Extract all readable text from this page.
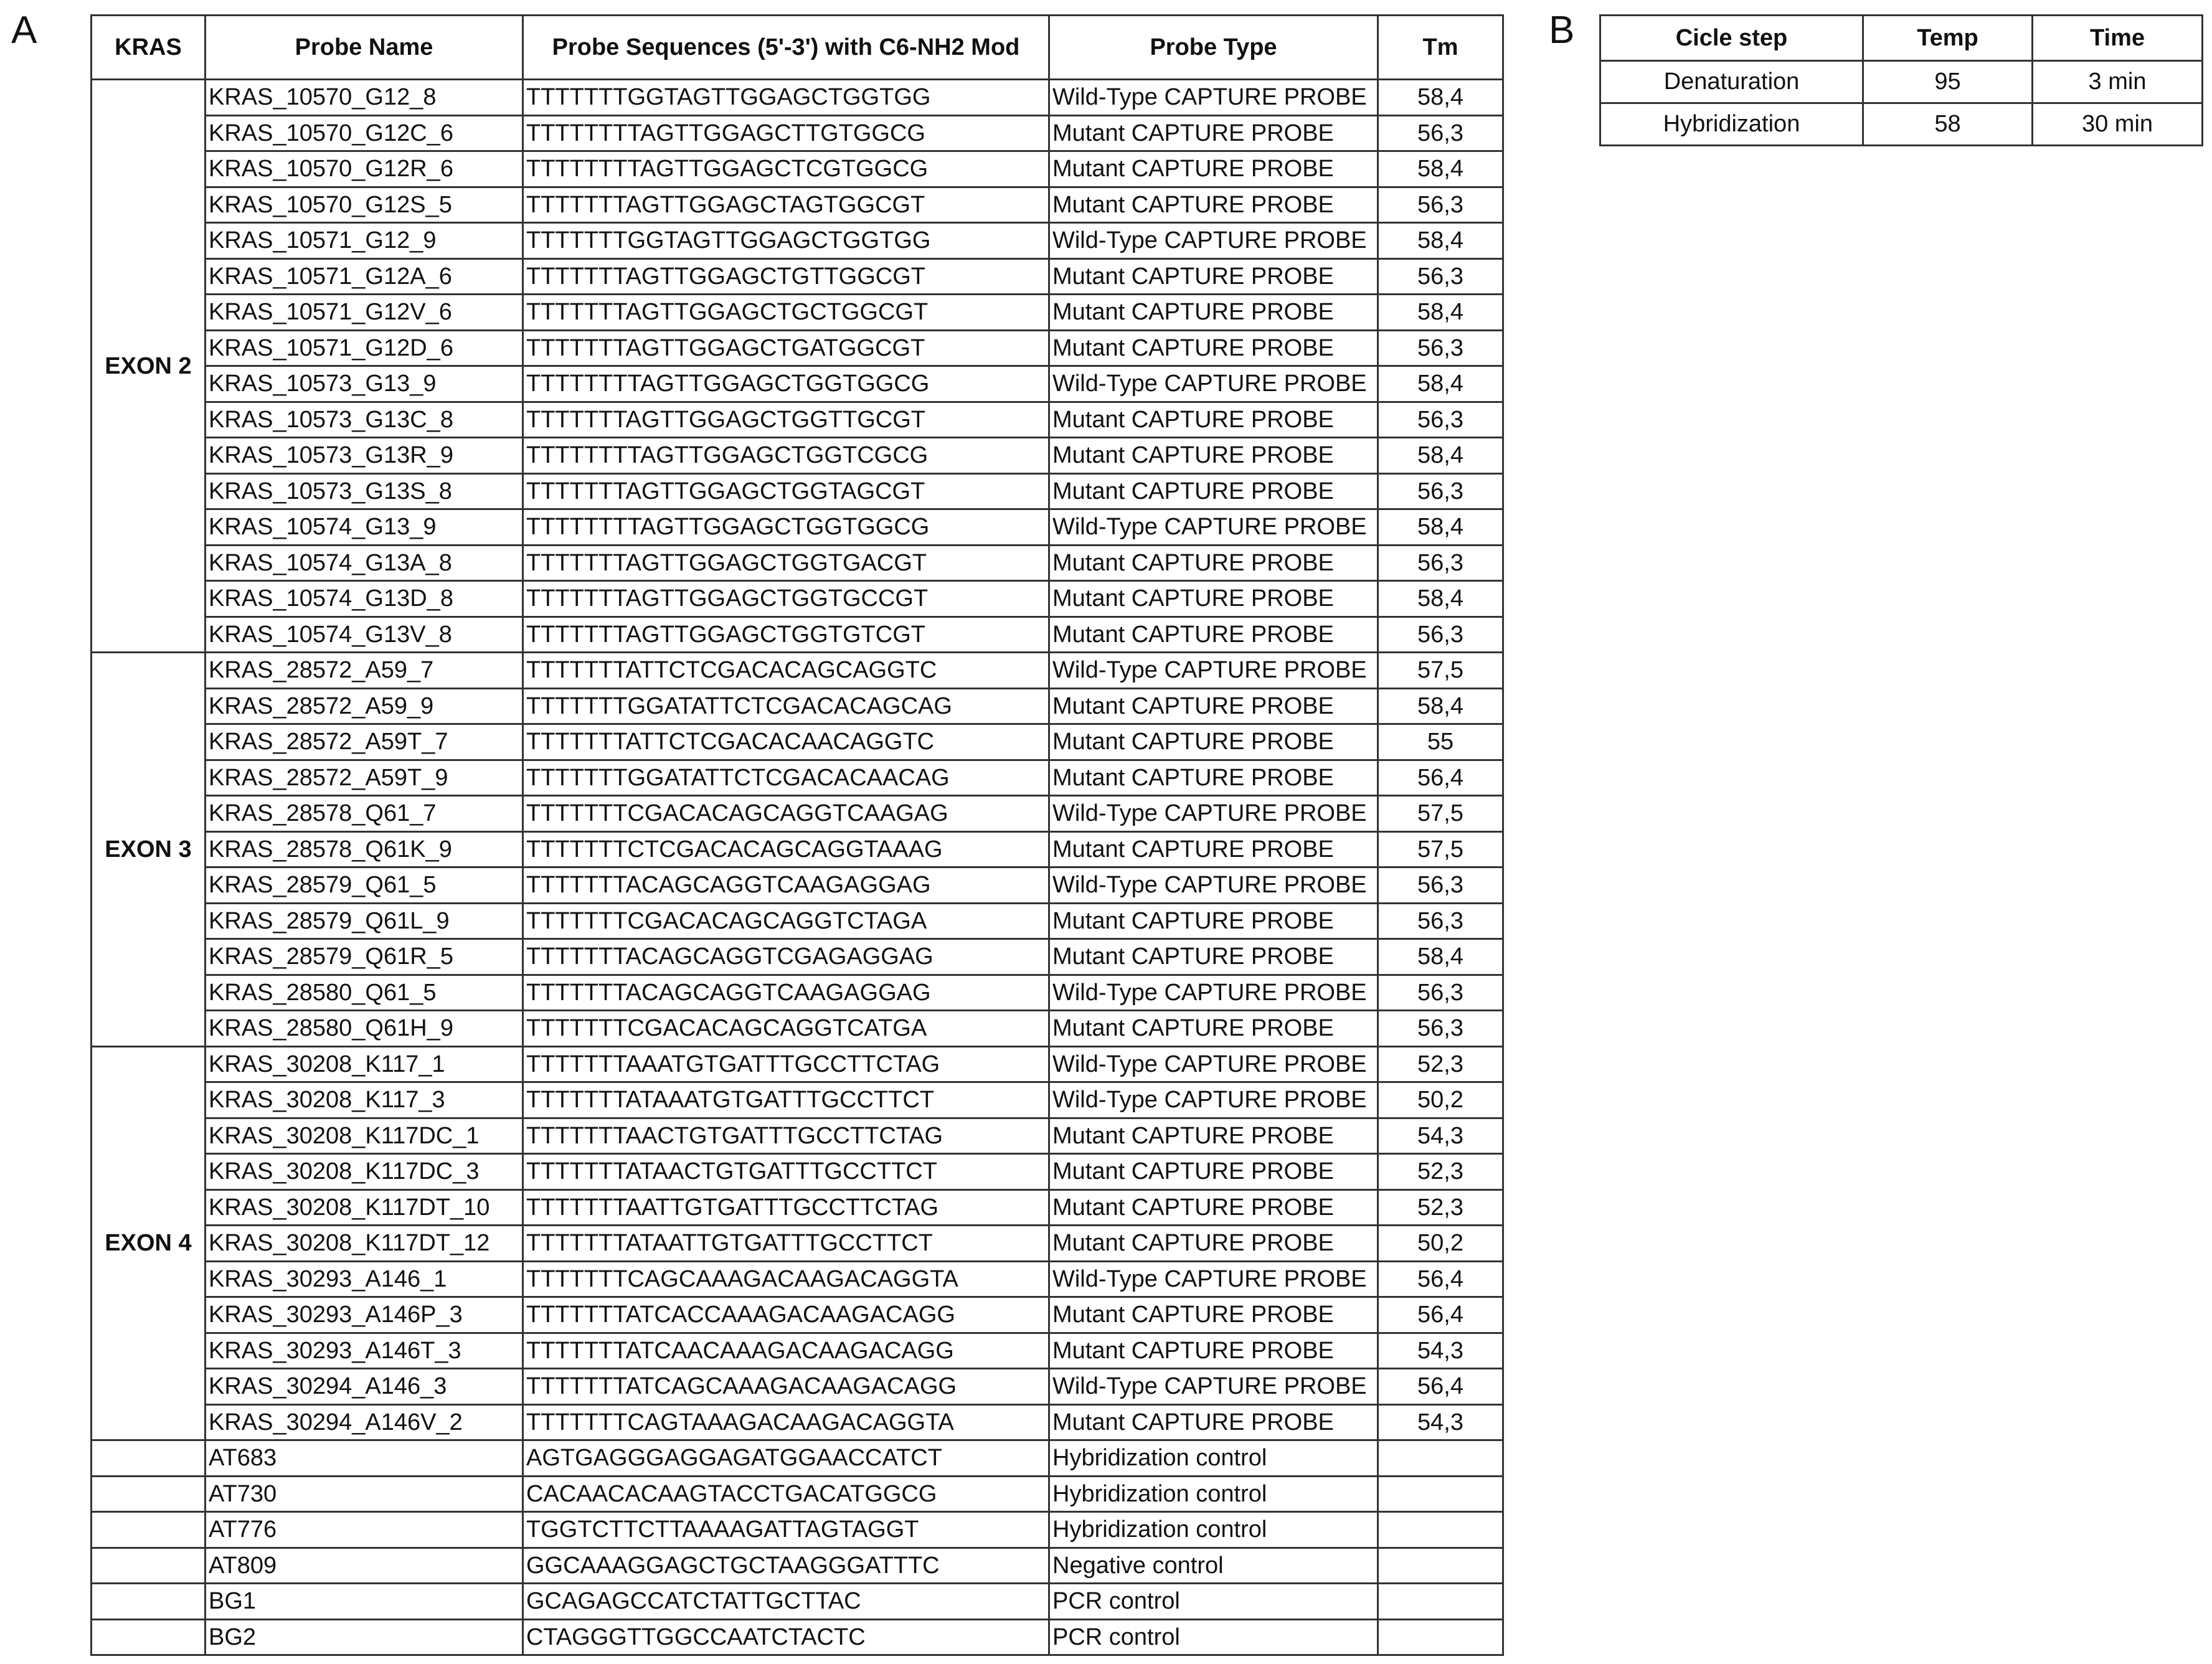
A	KRAS	Probe Name	Probe Sequences (5'-3') with C6-NH2 Mod	Probe Type	Tm
EXON 2	KRAS_10570_G12_8	TTTTTTTGGTAGTTGGAGCTGGTGG	Wild-Type CAPTURE PROBE	58,4
	KRAS_10570_G12C_6	TTTTTTTTAGTTGGAGCTTGTGGCG	Mutant CAPTURE PROBE	56,3
	KRAS_10570_G12R_6	TTTTTTTTAGTTGGAGCTCGTGGCG	Mutant CAPTURE PROBE	58,4
	KRAS_10570_G12S_5	TTTTTTTAGTTGGAGCTAGTGGCGT	Mutant CAPTURE PROBE	56,3
	KRAS_10571_G12_9	TTTTTTTGGTAGTTGGAGCTGGTGG	Wild-Type CAPTURE PROBE	58,4
	KRAS_10571_G12A_6	TTTTTTTAGTTGGAGCTGTTGGCGT	Mutant CAPTURE PROBE	56,3
	KRAS_10571_G12V_6	TTTTTTTAGTTGGAGCTGCTGGCGT	Mutant CAPTURE PROBE	58,4
	KRAS_10571_G12D_6	TTTTTTTAGTTGGAGCTGATGGCGT	Mutant CAPTURE PROBE	56,3
	KRAS_10573_G13_9	TTTTTTTTAGTTGGAGCTGGTGGCG	Wild-Type CAPTURE PROBE	58,4
	KRAS_10573_G13C_8	TTTTTTTAGTTGGAGCTGGTTGCGT	Mutant CAPTURE PROBE	56,3
	KRAS_10573_G13R_9	TTTTTTTTAGTTGGAGCTGGTCGCG	Mutant CAPTURE PROBE	58,4
	KRAS_10573_G13S_8	TTTTTTTAGTTGGAGCTGGTAGCGT	Mutant CAPTURE PROBE	56,3
	KRAS_10574_G13_9	TTTTTTTTAGTTGGAGCTGGTGGCG	Wild-Type CAPTURE PROBE	58,4
	KRAS_10574_G13A_8	TTTTTTTAGTTGGAGCTGGTGACGT	Mutant CAPTURE PROBE	56,3
	KRAS_10574_G13D_8	TTTTTTTAGTTGGAGCTGGTGCCGT	Mutant CAPTURE PROBE	58,4
	KRAS_10574_G13V_8	TTTTTTTAGTTGGAGCTGGTGTCGT	Mutant CAPTURE PROBE	56,3
EXON 3	KRAS_28572_A59_7	TTTTTTTATTCTCGACACAGCAGGTC	Wild-Type CAPTURE PROBE	57,5
	KRAS_28572_A59_9	TTTTTTTGGATATTCTCGACACAGCAG	Mutant CAPTURE PROBE	58,4
	KRAS_28572_A59T_7	TTTTTTTATTCTCGACACAACAGGTC	Mutant CAPTURE PROBE	55
	KRAS_28572_A59T_9	TTTTTTTGGATATTCTCGACACAACAG	Mutant CAPTURE PROBE	56,4
	KRAS_28578_Q61_7	TTTTTTTCGACACAGCAGGTCAAGAG	Wild-Type CAPTURE PROBE	57,5
	KRAS_28578_Q61K_9	TTTTTTTCTCGACACAGCAGGTAAAG	Mutant CAPTURE PROBE	57,5
	KRAS_28579_Q61_5	TTTTTTTACAGCAGGTCAAGAGGAG	Wild-Type CAPTURE PROBE	56,3
	KRAS_28579_Q61L_9	TTTTTTTCGACACAGCAGGTCTAGA	Mutant CAPTURE PROBE	56,3
	KRAS_28579_Q61R_5	TTTTTTTACAGCAGGTCGAGAGGAG	Mutant CAPTURE PROBE	58,4
	KRAS_28580_Q61_5	TTTTTTTACAGCAGGTCAAGAGGAG	Wild-Type CAPTURE PROBE	56,3
	KRAS_28580_Q61H_9	TTTTTTTCGACACAGCAGGTCATGA	Mutant CAPTURE PROBE	56,3
EXON 4	KRAS_30208_K117_1	TTTTTTTAAATGTGATTTGCCTTCTAG	Wild-Type CAPTURE PROBE	52,3
	KRAS_30208_K117_3	TTTTTTTATAAATGTGATTTGCCTTCT	Wild-Type CAPTURE PROBE	50,2
	KRAS_30208_K117DC_1	TTTTTTTAACTGTGATTTGCCTTCTAG	Mutant CAPTURE PROBE	54,3
	KRAS_30208_K117DC_3	TTTTTTTATAACTGTGATTTGCCTTCT	Mutant CAPTURE PROBE	52,3
	KRAS_30208_K117DT_10	TTTTTTTAATTGTGATTTGCCTTCTAG	Mutant CAPTURE PROBE	52,3
	KRAS_30208_K117DT_12	TTTTTTTATAATTGTGATTTGCCTTCT	Mutant CAPTURE PROBE	50,2
	KRAS_30293_A146_1	TTTTTTTCAGCAAAGACAAGACAGGTA	Wild-Type CAPTURE PROBE	56,4
	KRAS_30293_A146P_3	TTTTTTTATCACCAAAGACAAGACAGG	Mutant CAPTURE PROBE	56,4
	KRAS_30293_A146T_3	TTTTTTTATCAACAAAGACAAGACAGG	Mutant CAPTURE PROBE	54,3
	KRAS_30294_A146_3	TTTTTTTATCAGCAAAGACAAGACAGG	Wild-Type CAPTURE PROBE	56,4
	KRAS_30294_A146V_2	TTTTTTTCAGTAAAGACAAGACAGGTA	Mutant CAPTURE PROBE	54,3
	AT683	AGTGAGGGAGGAGATGGAACCATCT	Hybridization control	
	AT730	CACAACACAAGTACCTGACATGGCG	Hybridization control	
	AT776	TGGTCTTCTTAAAAGATTAGTAGGT	Hybridization control	
	AT809	GGCAAAGGAGCTGCTAAGGGATTTC	Negative control	
	BG1	GCAGAGCCATCTATTGCTTAC	PCR control	
	BG2	CTAGGGTTGGCCAATCTACTC	PCR control	
B	Cicle step	Temp	Time
Denaturation	95	3 min
Hybridization	58	30 min
